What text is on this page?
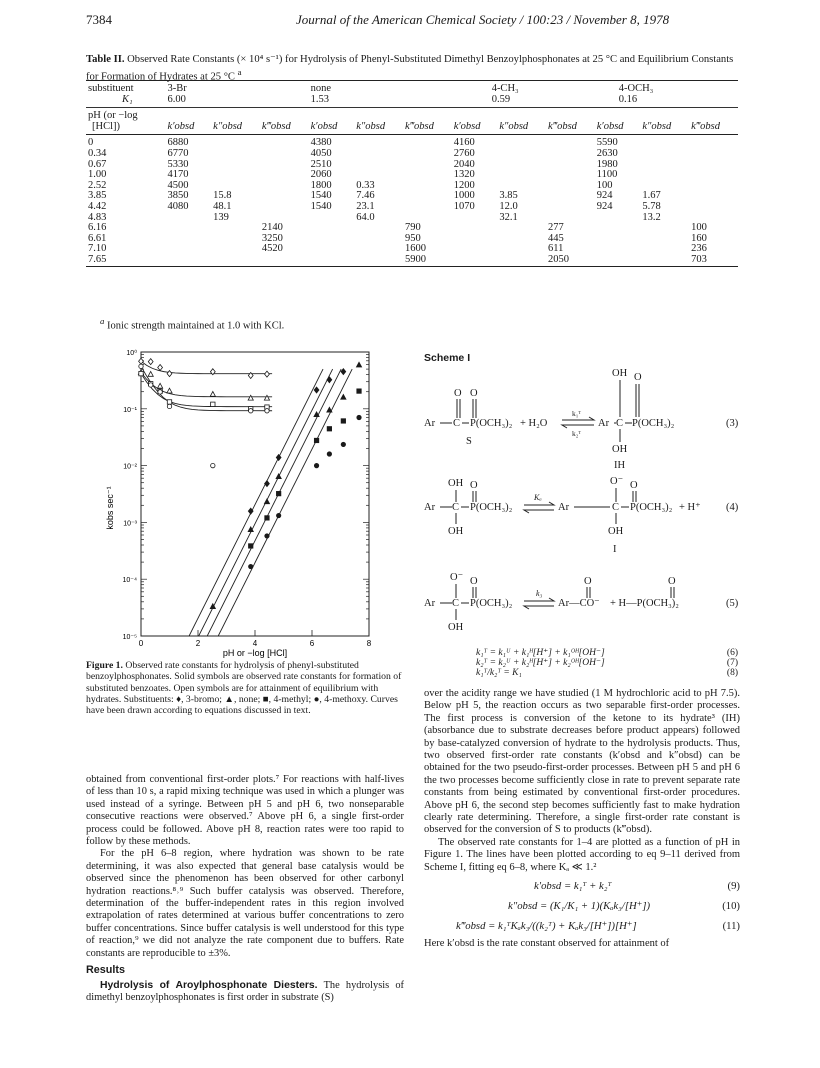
7384	Journal of the American Chemical Society / 100:23 / November 8, 1978
Table II. Observed Rate Constants (× 10⁴ s⁻¹) for Hydrolysis of Phenyl-Substituted Dimethyl Benzoylphosphonates at 25 °C and Equilibrium Constants for Formation of Hydrates at 25 °C $^a$
substituent	3-Br			none			4-CH₃			4-OCH₃		
K₁	6.00			1.53			0.59			0.16		
pH (or −log												
[HCl])	k′obsd	k″obsd	k‴obsd	k′obsd	k″obsd	k‴obsd	k′obsd	k″obsd	k‴obsd	k′obsd	k″obsd	k‴obsd
0	6880			4380			4160			5590		
0.34	6770			4050			2760			2630		
0.67	5330			2510			2040			1980		
1.00	4170			2060			1320			1100		
2.52	4500			1800	0.33		1200			100		
3.85	3850	15.8		1540	7.46		1000	3.85		924	1.67	
4.42	4080	48.1		1540	23.1		1070	12.0		924	5.78	
4.83		139			64.0			32.1			13.2	
6.16			2140			790			277			100
6.61			3250			950			445			160
7.10			4520			1600			611			236
7.65						5900			2050			703

$^a$ Ionic strength maintained at 1.0 with KCl.
10⁰
10⁻¹
10⁻²
10⁻³
10⁻⁴
10⁻⁵
0	2	4	6	8
kobs sec⁻¹
pH or −log [HCl]
Figure 1. Observed rate constants for hydrolysis of phenyl-substituted benzoylphosphonates. Solid symbols are observed rate constants for formation of substituted benzoates. Open symbols are for attainment of equilibrium with hydrates. Substituents: ♦, 3-bromo; ▲, none; ■, 4-methyl; ●, 4-methoxy. Curves have been drawn according to equations discussed in text.
Scheme I
O O
Ar C P(OCH₃)₂ + H₂O
k₁ᵀ
k₂ᵀ
S
OH O
Ar C P(OCH₃)₂
OH
IH
(3)
OH O
Ar C P(OCH₃)₂
Kₐ
OH
O⁻ O
Ar	C P(OCH₃)₂ + H⁺
OH
I
(4)
O⁻ O
Ar C P(OCH₃)₂
k₃
OH
O
Ar—CO⁻
O
+ H—P(OCH₃)₂	(5)
k₁ᵀ = k₁ᵁ + k₁ᴴ[H⁺] + k₁ᴼᴴ[OH⁻]	(6)
k₂ᵀ = k₂ᵁ + k₂ᴴ[H⁺] + k₂ᴼᴴ[OH⁻]	(7)
k₁ᵀ/k₂ᵀ = K₁	(8)

obtained from conventional first-order plots.⁷ For reactions with half-lives of less than 10 s, a rapid mixing technique was used in which a plunger was used instead of a syringe. Between pH 5 and pH 6, two nonseparable consecutive reactions were observed.⁷ Above pH 6, a single first-order process could be followed. Above pH 8, reaction rates were too rapid to follow by these methods.

For the pH 6–8 region, where hydration was shown to be rate determining, it was also expected that general base catalysis would be observed since the phenomenon has been observed for other carbonyl hydration reactions.⁸˒⁹ Such buffer catalysis was observed. Therefore, determination of the buffer-independent rates in this region involved extrapolation of rates determined at various buffer concentrations to zero buffer concentrations. Since buffer catalysis is well understood for this type of reaction,⁹ we did not analyze the rate component due to buffers. Rate constants are reproducible to ±3%.

Results

Hydrolysis of Aroylphosphonate Diesters. The hydrolysis of dimethyl benzoylphosphonates is first order in substrate (S)

over the acidity range we have studied (1 M hydrochloric acid to pH 7.5). Below pH 5, the reaction occurs as two separable first-order processes. The first process is conversion of the ketone to its hydrate³ (IH) (absorbance due to substrate decreases before product appears) followed by base-catalyzed conversion of hydrate to the hydrolysis products. Thus, two observed first-order rate constants (k′obsd and k″obsd) can be obtained for the two pseudo-first-order processes. Between pH 5 and pH 6 the two processes become sufficiently close in rate to prevent separate rate constants from being estimated by conventional first-order procedures. Above pH 6, the second step becomes sufficiently fast to make hydration clearly rate determining. Therefore, a single first-order rate constant is observed for the conversion of S to products (k‴obsd).

The observed rate constants for 1–4 are plotted as a function of pH in Figure 1. The lines have been plotted according to eq 9–11 derived from Scheme I, fitting eq 6–8, where Kₐ ≪ 1.²

k′obsd = k₁ᵀ + k₂ᵀ	(9)
k″obsd = (K₁/K₁ + 1)(Kₐk₃/[H⁺])	(10)
k‴obsd = k₁ᵀKₐk₃/((k₂ᵀ) + Kₐk₃/[H⁺])[H⁺]	(11)

Here k′obsd is the rate constant observed for attainment of
